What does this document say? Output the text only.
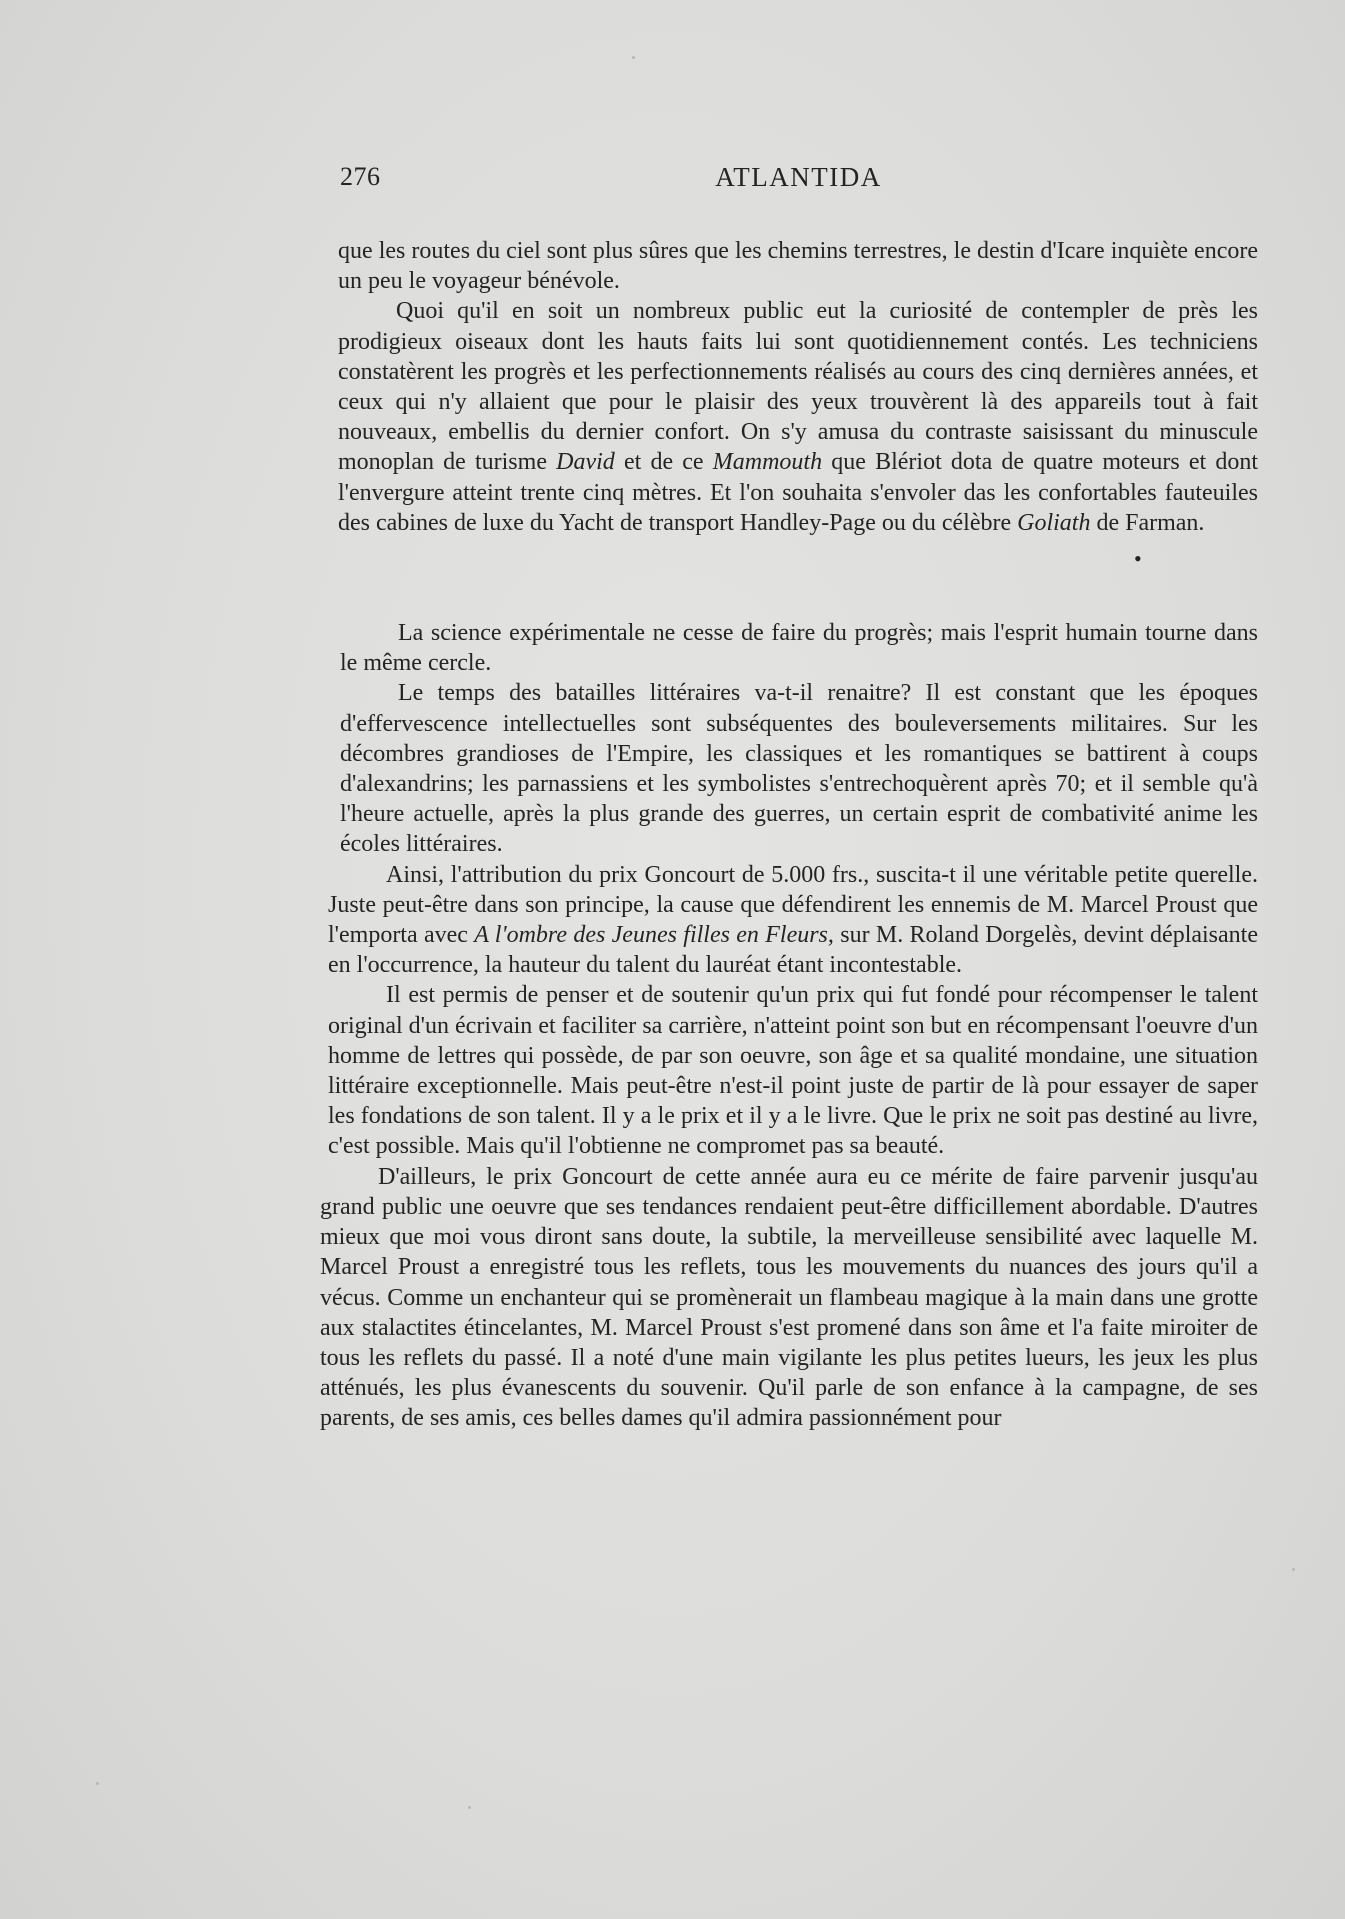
276	ATLANTIDA

que les routes du ciel sont plus sûres que les chemins terrestres, le destin d'Icare inquiète encore un peu le voyageur bénévole.

Quoi qu'il en soit un nombreux public eut la curiosité de contempler de près les prodigieux oiseaux dont les hauts faits lui sont quotidiennement contés. Les techniciens constatèrent les progrès et les perfectionnements réalisés au cours des cinq dernières années, et ceux qui n'y allaient que pour le plaisir des yeux trouvèrent là des appareils tout à fait nouveaux, embellis du dernier confort. On s'y amusa du contraste saisissant du minuscule monoplan de turisme David et de ce Mammouth que Blériot dota de quatre moteurs et dont l'envergure atteint trente cinq mètres. Et l'on souhaita s'envoler das les confortables fauteuiles des cabines de luxe du Yacht de transport Handley-Page ou du célèbre Goliath de Farman.

•

La science expérimentale ne cesse de faire du progrès; mais l'esprit humain tourne dans le même cercle.

Le temps des batailles littéraires va-t-il renaitre? Il est constant que les époques d'effervescence intellectuelles sont subséquentes des bouleversements militaires. Sur les décombres grandioses de l'Empire, les classiques et les romantiques se battirent à coups d'alexandrins; les parnassiens et les symbolistes s'entrechoquèrent après 70; et il semble qu'à l'heure actuelle, après la plus grande des guerres, un certain esprit de combativité anime les écoles littéraires.

Ainsi, l'attribution du prix Goncourt de 5.000 frs., suscita-t il une véritable petite querelle. Juste peut-être dans son principe, la cause que défendirent les ennemis de M. Marcel Proust que l'emporta avec A l'ombre des Jeunes filles en Fleurs, sur M. Roland Dorgelès, devint déplaisante en l'occurrence, la hauteur du talent du lauréat étant incontestable.

Il est permis de penser et de soutenir qu'un prix qui fut fondé pour récompenser le talent original d'un écrivain et faciliter sa carrière, n'atteint point son but en récompensant l'oeuvre d'un homme de lettres qui possède, de par son oeuvre, son âge et sa qualité mondaine, une situation littéraire exceptionnelle. Mais peut-être n'est-il point juste de partir de là pour essayer de saper les fondations de son talent. Il y a le prix et il y a le livre. Que le prix ne soit pas destiné au livre, c'est possible. Mais qu'il l'obtienne ne compromet pas sa beauté.

D'ailleurs, le prix Goncourt de cette année aura eu ce mérite de faire parvenir jusqu'au grand public une oeuvre que ses tendances rendaient peut-être difficillement abordable. D'autres mieux que moi vous diront sans doute, la subtile, la merveilleuse sensibilité avec laquelle M. Marcel Proust a enregistré tous les reflets, tous les mouvements du nuances des jours qu'il a vécus. Comme un enchanteur qui se promènerait un flambeau magique à la main dans une grotte aux stalactites étincelantes, M. Marcel Proust s'est promené dans son âme et l'a faite miroiter de tous les reflets du passé. Il a noté d'une main vigilante les plus petites lueurs, les jeux les plus atténués, les plus évanescents du souvenir. Qu'il parle de son enfance à la campagne, de ses parents, de ses amis, ces belles dames qu'il admira passionnément pour
